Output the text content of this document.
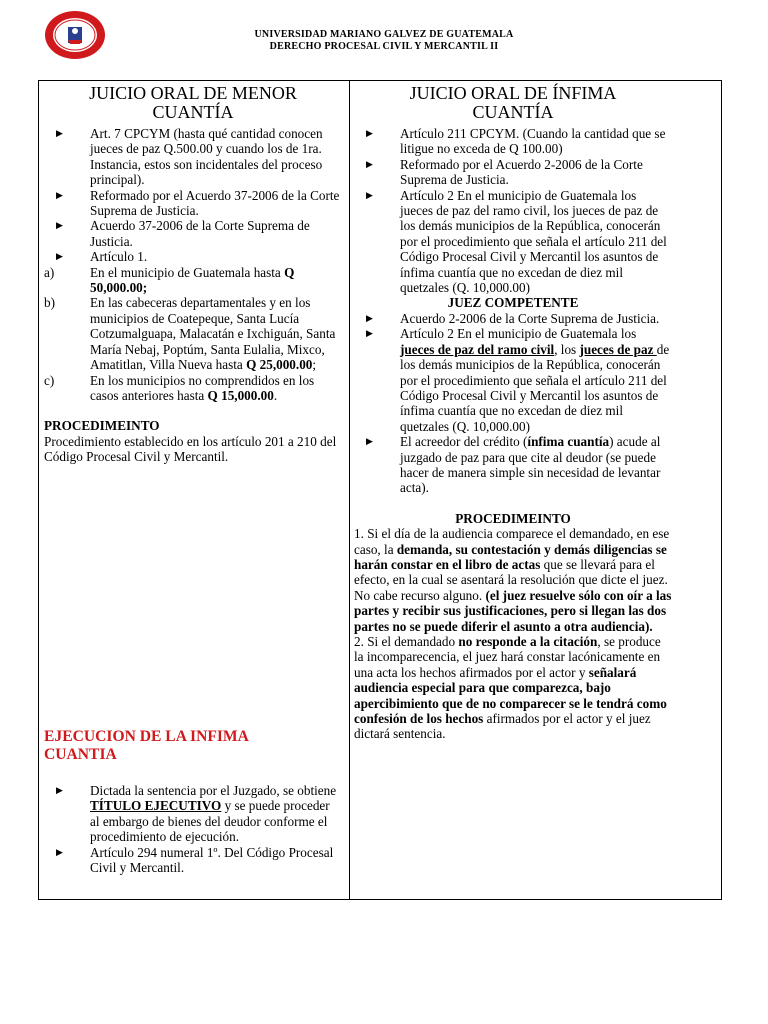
UNIVERSIDAD MARIANO GALVEZ DE GUATEMALA
DERECHO PROCESAL CIVIL Y MERCANTIL II
JUICIO ORAL DE MENOR
CUANTÍA
▶ Art. 7 CPCYM (hasta qué cantidad conocen jueces de paz Q.500.00 y cuando los de 1ra. Instancia, estos son incidentales del proceso principal).
▶ Reformado por el Acuerdo 37-2006 de la Corte Suprema de Justicia.
▶ Acuerdo 37-2006 de la Corte Suprema de Justicia.
▶ Artículo 1.
a)	En el municipio de Guatemala hasta Q 50,000.00;
b)	En las cabeceras departamentales y en los municipios de Coatepeque, Santa Lucía Cotzumalguapa, Malacatán e Ixchiguán, Santa María Nebaj, Poptúm, Santa Eulalia, Mixco, Amatitlan, Villa Nueva hasta Q 25,000.00;
c)	En los municipios no comprendidos en los casos anteriores hasta Q 15,000.00.
PROCEDIMEINTO
Procedimiento establecido en los artículo 201 a 210 del Código Procesal Civil y Mercantil.
EJECUCION DE LA INFIMA
CUANTIA
▶ Dictada la sentencia por el Juzgado, se obtiene TÍTULO EJECUTIVO y se puede proceder al embargo de bienes del deudor conforme el procedimiento de ejecución.
▶ Artículo 294 numeral 1º. Del Código Procesal Civil y Mercantil.
JUICIO ORAL DE ÍNFIMA
CUANTÍA
▶ Artículo 211 CPCYM. (Cuando la cantidad que se litigue no exceda de Q 100.00)
▶ Reformado por el Acuerdo 2-2006 de la Corte Suprema de Justicia.
▶ Artículo 2 En el municipio de Guatemala los jueces de paz del ramo civil, los jueces de paz de los demás municipios de la República, conocerán por el procedimiento que señala el artículo 211 del Código Procesal Civil y Mercantil los asuntos de ínfima cuantía que no excedan de diez mil quetzales (Q. 10,000.00)
JUEZ COMPETENTE
▶ Acuerdo 2-2006 de la Corte Suprema de Justicia.
▶ Artículo 2 En el municipio de Guatemala los jueces de paz del ramo civil, los jueces de paz de los demás municipios de la República, conocerán por el procedimiento que señala el artículo 211 del Código Procesal Civil y Mercantil los asuntos de ínfima cuantía que no excedan de diez mil quetzales (Q. 10,000.00)
▶ El acreedor del crédito (ínfima cuantía) acude al juzgado de paz para que cite al deudor (se puede hacer de manera simple sin necesidad de levantar acta).
PROCEDIMEINTO
1. Si el día de la audiencia comparece el demandado, en ese caso, la demanda, su contestación y demás diligencias se harán constar en el libro de actas que se llevará para el efecto, en la cual se asentará la resolución que dicte el juez. No cabe recurso alguno. (el juez resuelve sólo con oír a las partes y recibir sus justificaciones, pero si llegan las dos partes no se puede diferir el asunto a otra audiencia).
2. Si el demandado no responde a la citación, se produce la incomparecencia, el juez hará constar lacónicamente en una acta los hechos afirmados por el actor y señalará audiencia especial para que comparezca, bajo apercibimiento que de no comparecer se le tendrá como confesión de los hechos afirmados por el actor y el juez dictará sentencia.
